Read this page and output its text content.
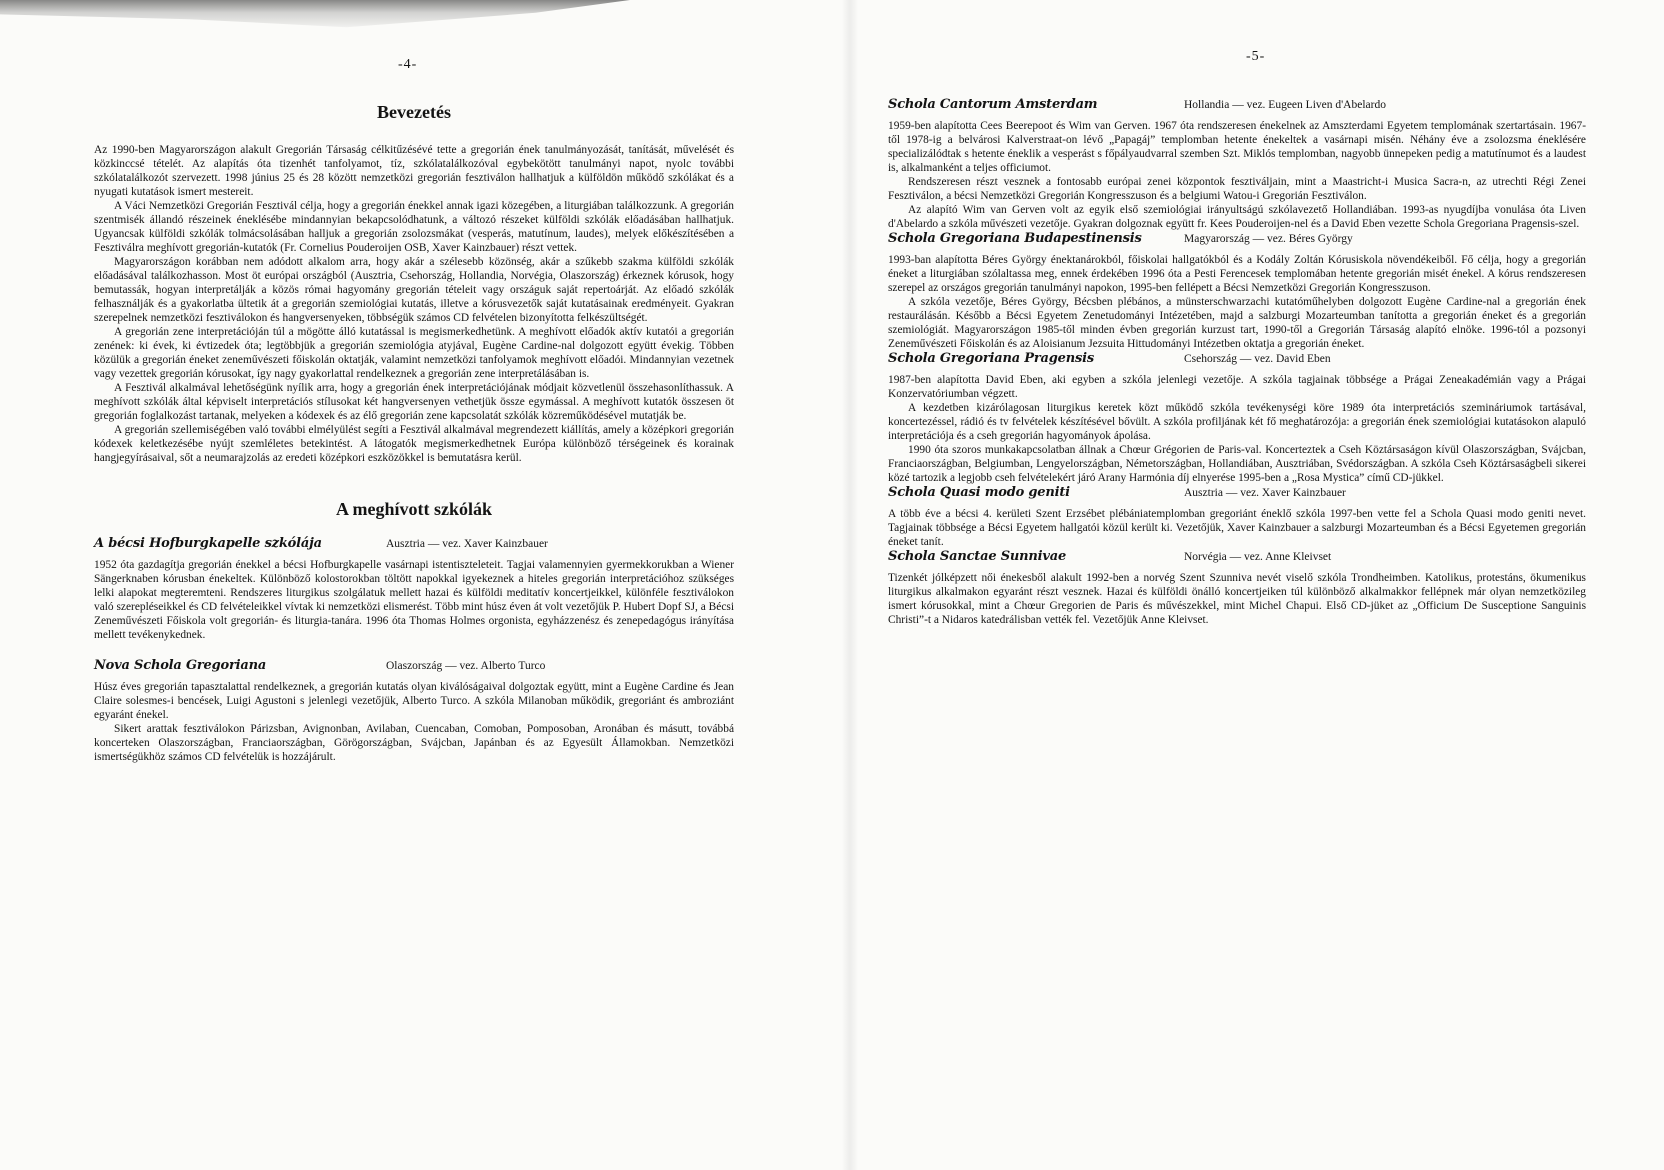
-4-
Bevezetés

Az 1990-ben Magyarországon alakult Gregorián Társaság célkitűzésévé tette a gregorián ének tanulmányozását, tanítását, művelését és közkinccsé tételét. Az alapítás óta tizenhét tanfolyamot, tíz, szkólatalálkozóval egybekötött tanulmányi napot, nyolc további szkólatalálkozót szervezett. 1998 június 25 és 28 között nemzetközi gregorián fesztiválon hallhatjuk a külföldön működő szkólákat és a nyugati kutatások ismert mestereit.

A Váci Nemzetközi Gregorián Fesztivál célja, hogy a gregorián énekkel annak igazi közegében, a liturgiában találkozzunk. A gregorián szentmisék állandó részeinek éneklésébe mindannyian bekapcsolódhatunk, a változó részeket külföldi szkólák előadásában hallhatjuk. Ugyancsak külföldi szkólák tolmácsolásában halljuk a gregorián zsolozsmákat (vesperás, matutínum, laudes), melyek előkészítésében a Fesztiválra meghívott gregorián-kutatók (Fr. Cornelius Pouderoijen OSB, Xaver Kainzbauer) részt vettek.

Magyarországon korábban nem adódott alkalom arra, hogy akár a szélesebb közönség, akár a szűkebb szakma külföldi szkólák előadásával találkozhasson. Most öt európai országból (Ausztria, Csehország, Hollandia, Norvégia, Olaszország) érkeznek kórusok, hogy bemutassák, hogyan interpretálják a közös római hagyomány gregorián tételeit vagy országuk saját repertoárját. Az előadó szkólák felhasználják és a gyakorlatba ültetik át a gregorián szemiológiai kutatás, illetve a kórusvezetők saját kutatásainak eredményeit. Gyakran szerepelnek nemzetközi fesztiválokon és hangversenyeken, többségük számos CD felvételen bizonyította felkészültségét.

A gregorián zene interpretációján túl a mögötte álló kutatással is megismerkedhetünk. A meghívott előadók aktív kutatói a gregorián zenének: ki évek, ki évtizedek óta; legtöbbjük a gregorián szemiológia atyjával, Eugène Cardine-nal dolgozott együtt évekig. Többen közülük a gregorián éneket zeneművészeti főiskolán oktatják, valamint nemzetközi tanfolyamok meghívott előadói. Mindannyian vezetnek vagy vezettek gregorián kórusokat, így nagy gyakorlattal rendelkeznek a gregorián zene interpretálásában is.

A Fesztivál alkalmával lehetőségünk nyílik arra, hogy a gregorián ének interpretációjának módjait közvetlenül összehasonlíthassuk. A meghívott szkólák által képviselt interpretációs stílusokat két hangversenyen vethetjük össze egymással. A meghívott kutatók összesen öt gregorián foglalkozást tartanak, melyeken a kódexek és az élő gregorián zene kapcsolatát szkólák közreműködésével mutatják be.

A gregorián szellemiségében való további elmélyülést segíti a Fesztivál alkalmával megrendezett kiállítás, amely a középkori gregorián kódexek keletkezésébe nyújt szemléletes betekintést. A látogatók megismerkedhetnek Európa különböző térségeinek és korainak hangjegyírásaival, sőt a neumarajzolás az eredeti középkori eszközökkel is bemutatásra kerül.

A meghívott szkólák
A bécsi Hofburgkapelle szkólája	Ausztria — vez. Xaver Kainzbauer

1952 óta gazdagítja gregorián énekkel a bécsi Hofburgkapelle vasárnapi istentiszteleteit. Tagjai valamennyien gyermekkorukban a Wiener Sängerknaben kórusban énekeltek. Különböző kolostorokban töltött napokkal igyekeznek a hiteles gregorián interpretációhoz szükséges lelki alapokat megteremteni. Rendszeres liturgikus szolgálatuk mellett hazai és külföldi meditatív koncertjeikkel, különféle fesztiválokon való szerepléseikkel és CD felvételeikkel vívtak ki nemzetközi elismerést. Több mint húsz éven át volt vezetőjük P. Hubert Dopf SJ, a Bécsi Zeneművészeti Főiskola volt gregorián- és liturgia-tanára. 1996 óta Thomas Holmes orgonista, egyházzenész és zenepedagógus irányítása mellett tevékenykednek.

Nova Schola Gregoriana	Olaszország — vez. Alberto Turco

Húsz éves gregorián tapasztalattal rendelkeznek, a gregorián kutatás olyan kiválóságaival dolgoztak együtt, mint a Eugène Cardine és Jean Claire solesmes-i bencések, Luigi Agustoni s jelenlegi vezetőjük, Alberto Turco. A szkóla Milanoban működik, gregoriánt és ambroziánt egyaránt énekel.

Sikert arattak fesztiválokon Párizsban, Avignonban, Avilaban, Cuencaban, Comoban, Pomposoban, Aronában és másutt, továbbá koncerteken Olaszországban, Franciaországban, Görögországban, Svájcban, Japánban és az Egyesült Államokban. Nemzetközi ismertségükhöz számos CD felvételük is hozzájárult.

-5-
Schola Cantorum Amsterdam	Hollandia — vez. Eugeen Liven d'Abelardo

1959-ben alapította Cees Beerepoot és Wim van Gerven. 1967 óta rendszeresen énekelnek az Amszterdami Egyetem templomának szertartásain. 1967-től 1978-ig a belvárosi Kalverstraat-on lévő „Papagáj” templomban hetente énekeltek a vasárnapi misén. Néhány éve a zsolozsma éneklésére specializálódtak s hetente éneklik a vesperást s főpályaudvarral szemben Szt. Miklós templomban, nagyobb ünnepeken pedig a matutínumot és a laudest is, alkalmanként a teljes officiumot.

Rendszeresen részt vesznek a fontosabb európai zenei központok fesztiváljain, mint a Maastricht-i Musica Sacra-n, az utrechti Régi Zenei Fesztiválon, a bécsi Nemzetközi Gregorián Kongresszuson és a belgiumi Watou-i Gregorián Fesztiválon.

Az alapító Wim van Gerven volt az egyik első szemiológiai irányultságú szkólavezető Hollandiában. 1993-as nyugdíjba vonulása óta Liven d'Abelardo a szkóla művészeti vezetője. Gyakran dolgoznak együtt fr. Kees Pouderoijen-nel és a David Eben vezette Schola Gregoriana Pragensis-szel.

Schola Gregoriana Budapestinensis	Magyarország — vez. Béres György

1993-ban alapította Béres György énektanárokból, főiskolai hallgatókból és a Kodály Zoltán Kórusiskola növendékeiből. Fő célja, hogy a gregorián éneket a liturgiában szólaltassa meg, ennek érdekében 1996 óta a Pesti Ferencesek templomában hetente gregorián misét énekel. A kórus rendszeresen szerepel az országos gregorián tanulmányi napokon, 1995-ben fellépett a Bécsi Nemzetközi Gregorián Kongresszuson.

A szkóla vezetője, Béres György, Bécsben plébános, a münsterschwarzachi kutatóműhelyben dolgozott Eugène Cardine-nal a gregorián ének restaurálásán. Később a Bécsi Egyetem Zenetudományi Intézetében, majd a salzburgi Mozarteumban tanította a gregorián éneket és a gregorián szemiológiát. Magyarországon 1985-től minden évben gregorián kurzust tart, 1990-től a Gregorián Társaság alapító elnöke. 1996-tól a pozsonyi Zeneművészeti Főiskolán és az Aloisianum Jezsuita Hittudományi Intézetben oktatja a gregorián éneket.

Schola Gregoriana Pragensis	Csehország — vez. David Eben

1987-ben alapította David Eben, aki egyben a szkóla jelenlegi vezetője. A szkóla tagjainak többsége a Prágai Zeneakadémián vagy a Prágai Konzervatóriumban végzett.

A kezdetben kizárólagosan liturgikus keretek közt működő szkóla tevékenységi köre 1989 óta interpretációs szemináriumok tartásával, koncertezéssel, rádió és tv felvételek készítésével bővült. A szkóla profiljának két fő meghatározója: a gregorián ének szemiológiai kutatásokon alapuló interpretációja és a cseh gregorián hagyományok ápolása.

1990 óta szoros munkakapcsolatban állnak a Chœur Grégorien de Paris-val. Koncerteztek a Cseh Köztársaságon kívül Olaszországban, Svájcban, Franciaországban, Belgiumban, Lengyelországban, Németországban, Hollandiában, Ausztriában, Svédországban. A szkóla Cseh Köztársaságbeli sikerei közé tartozik a legjobb cseh felvételekért járó Arany Harmónia díj elnyerése 1995-ben a „Rosa Mystica” című CD-jükkel.

Schola Quasi modo geniti	Ausztria — vez. Xaver Kainzbauer

A több éve a bécsi 4. kerületi Szent Erzsébet plébániatemplomban gregoriánt éneklő szkóla 1997-ben vette fel a Schola Quasi modo geniti nevet. Tagjainak többsége a Bécsi Egyetem hallgatói közül került ki. Vezetőjük, Xaver Kainzbauer a salzburgi Mozarteumban és a Bécsi Egyetemen gregorián éneket tanít.

Schola Sanctae Sunnivae	Norvégia — vez. Anne Kleivset

Tizenkét jólképzett női énekesből alakult 1992-ben a norvég Szent Szunniva nevét viselő szkóla Trondheimben. Katolikus, protestáns, ökumenikus liturgikus alkalmakon egyaránt részt vesznek. Hazai és külföldi önálló koncertjeiken túl különböző alkalmakkor fellépnek már olyan nemzetközileg ismert kórusokkal, mint a Chœur Gregorien de Paris és művészekkel, mint Michel Chapui. Első CD-jüket az „Officium De Susceptione Sanguinis Christi”-t a Nidaros katedrálisban vették fel. Vezetőjük Anne Kleivset.
